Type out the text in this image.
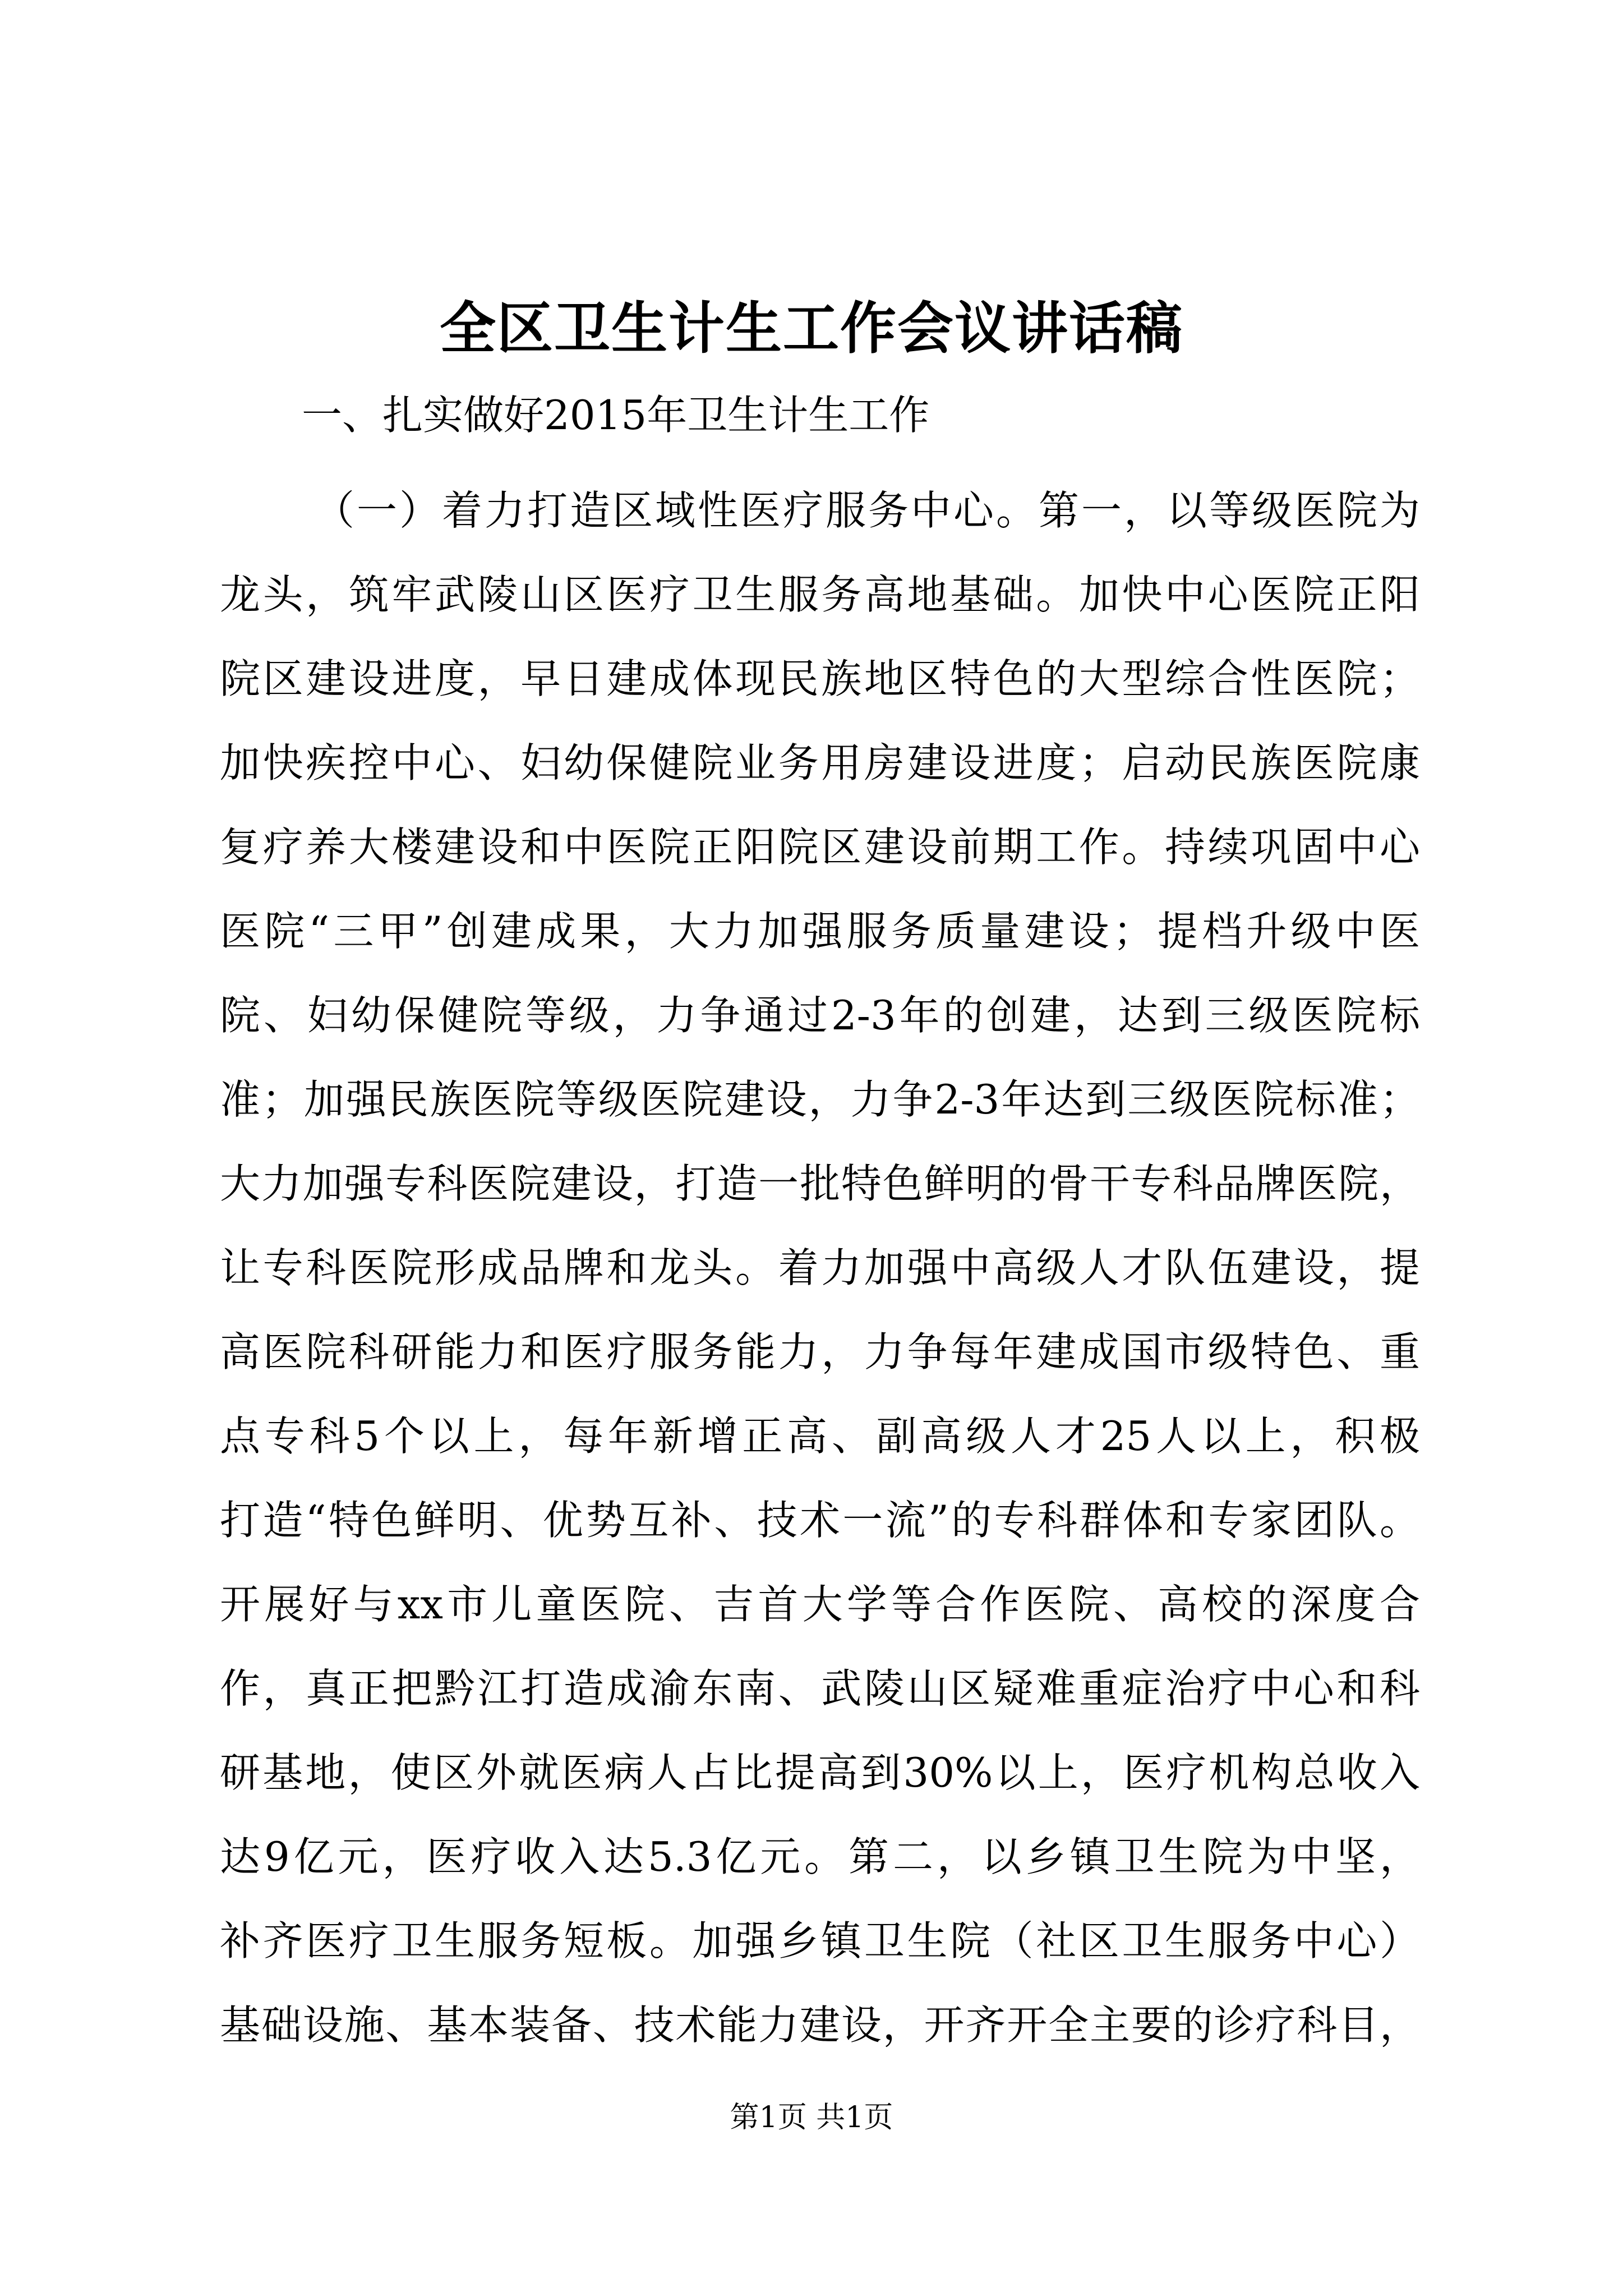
全区卫生计生工作会议讲话稿
一、扎实做好2015年卫生计生工作
（一）着力打造区域性医疗服务中心。第一，以等级医院为
龙头，筑牢武陵山区医疗卫生服务高地基础。加快中心医院正阳
院区建设进度，早日建成体现民族地区特色的大型综合性医院；
加快疾控中心、妇幼保健院业务用房建设进度；启动民族医院康
复疗养大楼建设和中医院正阳院区建设前期工作。持续巩固中心
医院“三甲”创建成果，大力加强服务质量建设；提档升级中医
院、妇幼保健院等级，力争通过2-3年的创建，达到三级医院标
准；加强民族医院等级医院建设，力争2-3年达到三级医院标准；
大力加强专科医院建设，打造一批特色鲜明的骨干专科品牌医院，
让专科医院形成品牌和龙头。着力加强中高级人才队伍建设，提
高医院科研能力和医疗服务能力，力争每年建成国市级特色、重
点专科5个以上，每年新增正高、副高级人才25人以上，积极
打造“特色鲜明、优势互补、技术一流”的专科群体和专家团队。
开展好与xx市儿童医院、吉首大学等合作医院、高校的深度合
作，真正把黔江打造成渝东南、武陵山区疑难重症治疗中心和科
研基地，使区外就医病人占比提高到30%以上，医疗机构总收入
达9亿元，医疗收入达5.3亿元。第二，以乡镇卫生院为中坚，
补齐医疗卫生服务短板。加强乡镇卫生院（社区卫生服务中心）
基础设施、基本装备、技术能力建设，开齐开全主要的诊疗科目，
第1页 共1页
